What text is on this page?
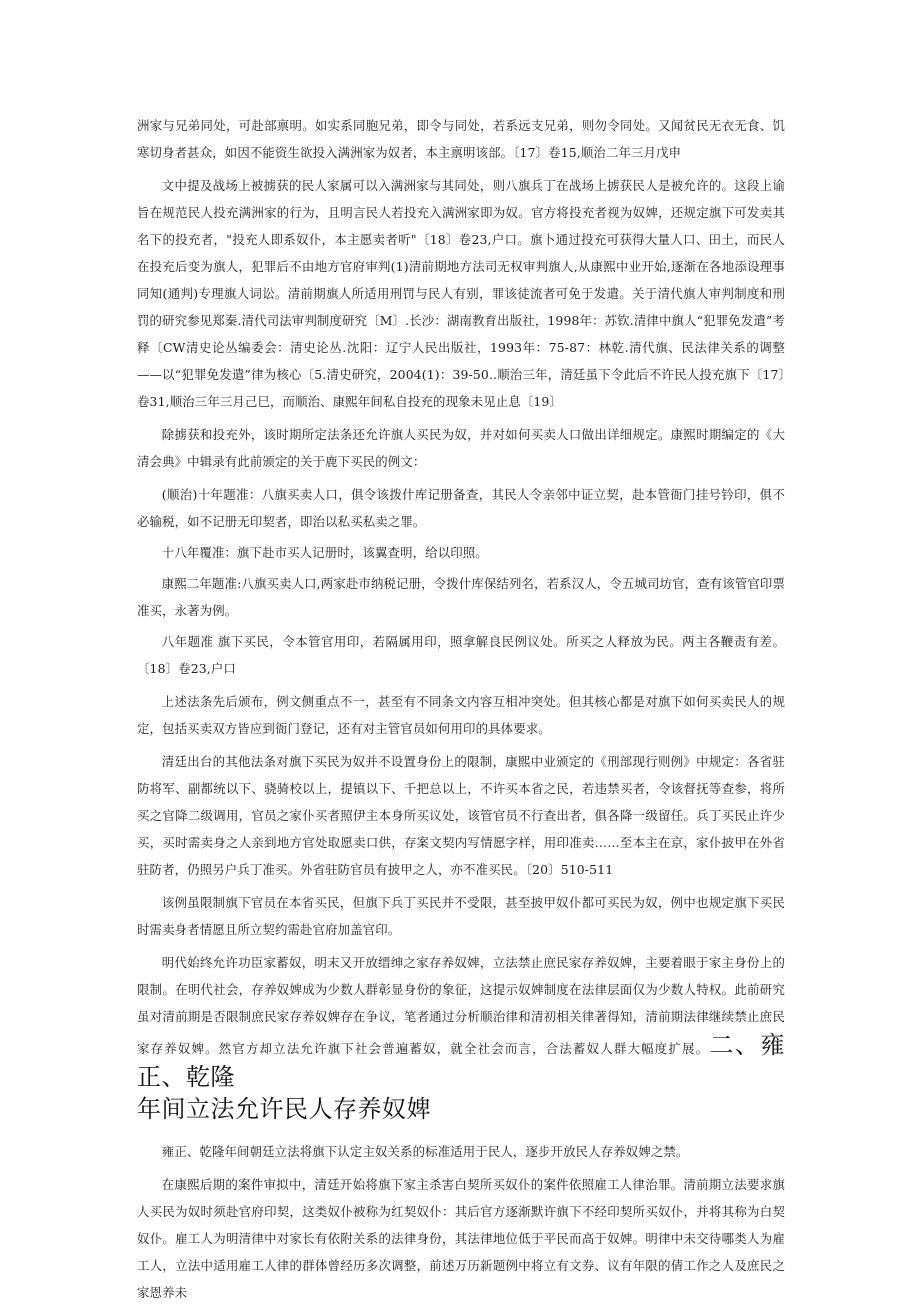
洲家与兄弟同处，可赴部禀明。如实系同胞兄弟，即令与同处，若系远支兄弟，则勿令同处。又闻贫民无衣无食、饥寒切身者甚众，如因不能资生欲投入满洲家为奴者，本主禀明该部。〔17〕卷15,顺治二年三月戊申

文中提及战场上被掳获的民人家属可以入满洲家与其同处，则八旗兵丁在战场上掳获民人是被允许的。这段上谕旨在规范民人投充满洲家的行为，且明言民人若投充入满洲家即为奴。官方将投充者视为奴婢，还规定旗下可发卖其名下的投充者，"投充人即系奴仆，本主愿卖者听"〔18〕卷23,户口。旗卜通过投充可获得大量人口、田土，而民人在投充后变为旗人，犯罪后不由地方官府审判(1)清前期地方法司无权审判旗人,从康熙中业开始,逐渐在各地添设理事同知(通判)专理旗人词讼。清前期旗人所适用刑罚与民人有别，罪该徒流者可免于发遣。关于清代旗人审判制度和刑罚的研究参见郑秦.清代司法审判制度研究〔M〕.长沙：湖南教育出版社，1998年：苏钦.清律中旗人“犯罪免发遣”考释〔CW清史论丛编委会：清史论丛.沈阳：辽宁人民出版社，1993年：75-87：林乾.清代旗、民法律关系的调整——以“犯罪免发遣”律为核心〔5.清史研究，2004(1)：39-50..顺治三年，清廷虽下令此后不许民人投充旗下〔17〕卷31,顺治三年三月己巳，而顺治、康熙年间私自投充的现象未见止息〔19〕

除掳获和投充外，该时期所定法条还允许旗人买民为奴，并对如何买卖人口做出详细规定。康熙时期编定的《大清会典》中辑录有此前颁定的关于鹿下买民的例文：

(顺治)十年题准：八旗买卖人口，俱令该拨什库记册备查，其民人令亲邻中证立契，赴本管衙门挂号钤印，俱不必输税，如不记册无印契者，即治以私买私卖之罪。

十八年覆准：旗下赴市买人记册时，该翼查明，给以印照。

康熙二年题准:八旗买卖人口,两家赴市纳税记册，令拨什库保结列名，若系汉人，令五城司坊官，查有该管官印票准买，永著为例。

八年题准 旗下买民，令本管官用印，若隔属用印，照拿解良民例议处。所买之人释放为民。两主各鞭责有差。〔18〕卷23,户口

上述法条先后颁布，例文侧重点不一，甚至有不同条文内容互相冲突处。但其核心都是对旗下如何买卖民人的规定，包括买卖双方皆应到衙门登记，还有对主管官员如何用印的具体要求。

清廷出台的其他法条对旗下买民为奴并不设置身份上的限制，康熙中业颁定的《刑部现行则例》中规定：各省驻防将军、副都统以下、骁骑校以上，提镇以下、千把总以上，不许买本省之民，若违禁买者，令该督抚等查参，将所买之官降二级调用，官员之家仆买者照伊主本身所买议处，该管官员不行查出者，俱各降一级留任。兵丁买民止许少买，买时需卖身之人亲到地方官处取愿卖口供，存案文契内写情愿字样，用印准卖……至本主在京，家仆披甲在外省驻防者，仍照另户兵丁准买。外省驻防官员有披甲之人，亦不准买民。〔20〕510-511

该例虽限制旗下官员在本省买民，但旗下兵丁买民并不受限，甚至披甲奴仆都可买民为奴，例中也规定旗下买民时需卖身者情愿且所立契约需赴官府加盖官印。

明代始终允许功臣家蓄奴，明末又开放缙绅之家存养奴婢，立法禁止庶民家存养奴婢，主要着眼于家主身份上的限制。在明代社会，存养奴婢成为少数人群彰显身份的象征，这提示奴婢制度在法律层面仅为少数人特权。此前研究虽对清前期是否限制庶民家存养奴婢存在争议，笔者通过分析顺治律和清初相关律著得知，清前期法律继续禁止庶民家存养奴婢。然官方却立法允许旗下社会普遍蓄奴，就全社会而言，合法蓄奴人群大幅度扩展。二、雍正、乾隆

年间立法允许民人存养奴婢

雍正、乾隆年间朝廷立法将旗下认定主奴关系的标准适用于民人，逐步开放民人存养奴婢之禁。

在康熙后期的案件审拟中，清廷开始将旗下家主杀害白契所买奴仆的案件依照雇工人律治罪。清前期立法要求旗人买民为奴时须赴官府印契，这类奴仆被称为红契奴仆：其后官方逐渐默许旗下不经印契所买奴仆，并将其称为白契奴仆。雇工人为明清律中对家长有依附关系的法律身份，其法律地位低于平民而高于奴婢。明律中未交待哪类人为雇工人，立法中适用雇工人律的群体曾经历多次调整，前述万历新题例中将立有文券、议有年限的倩工作之人及庶民之家恩养未
